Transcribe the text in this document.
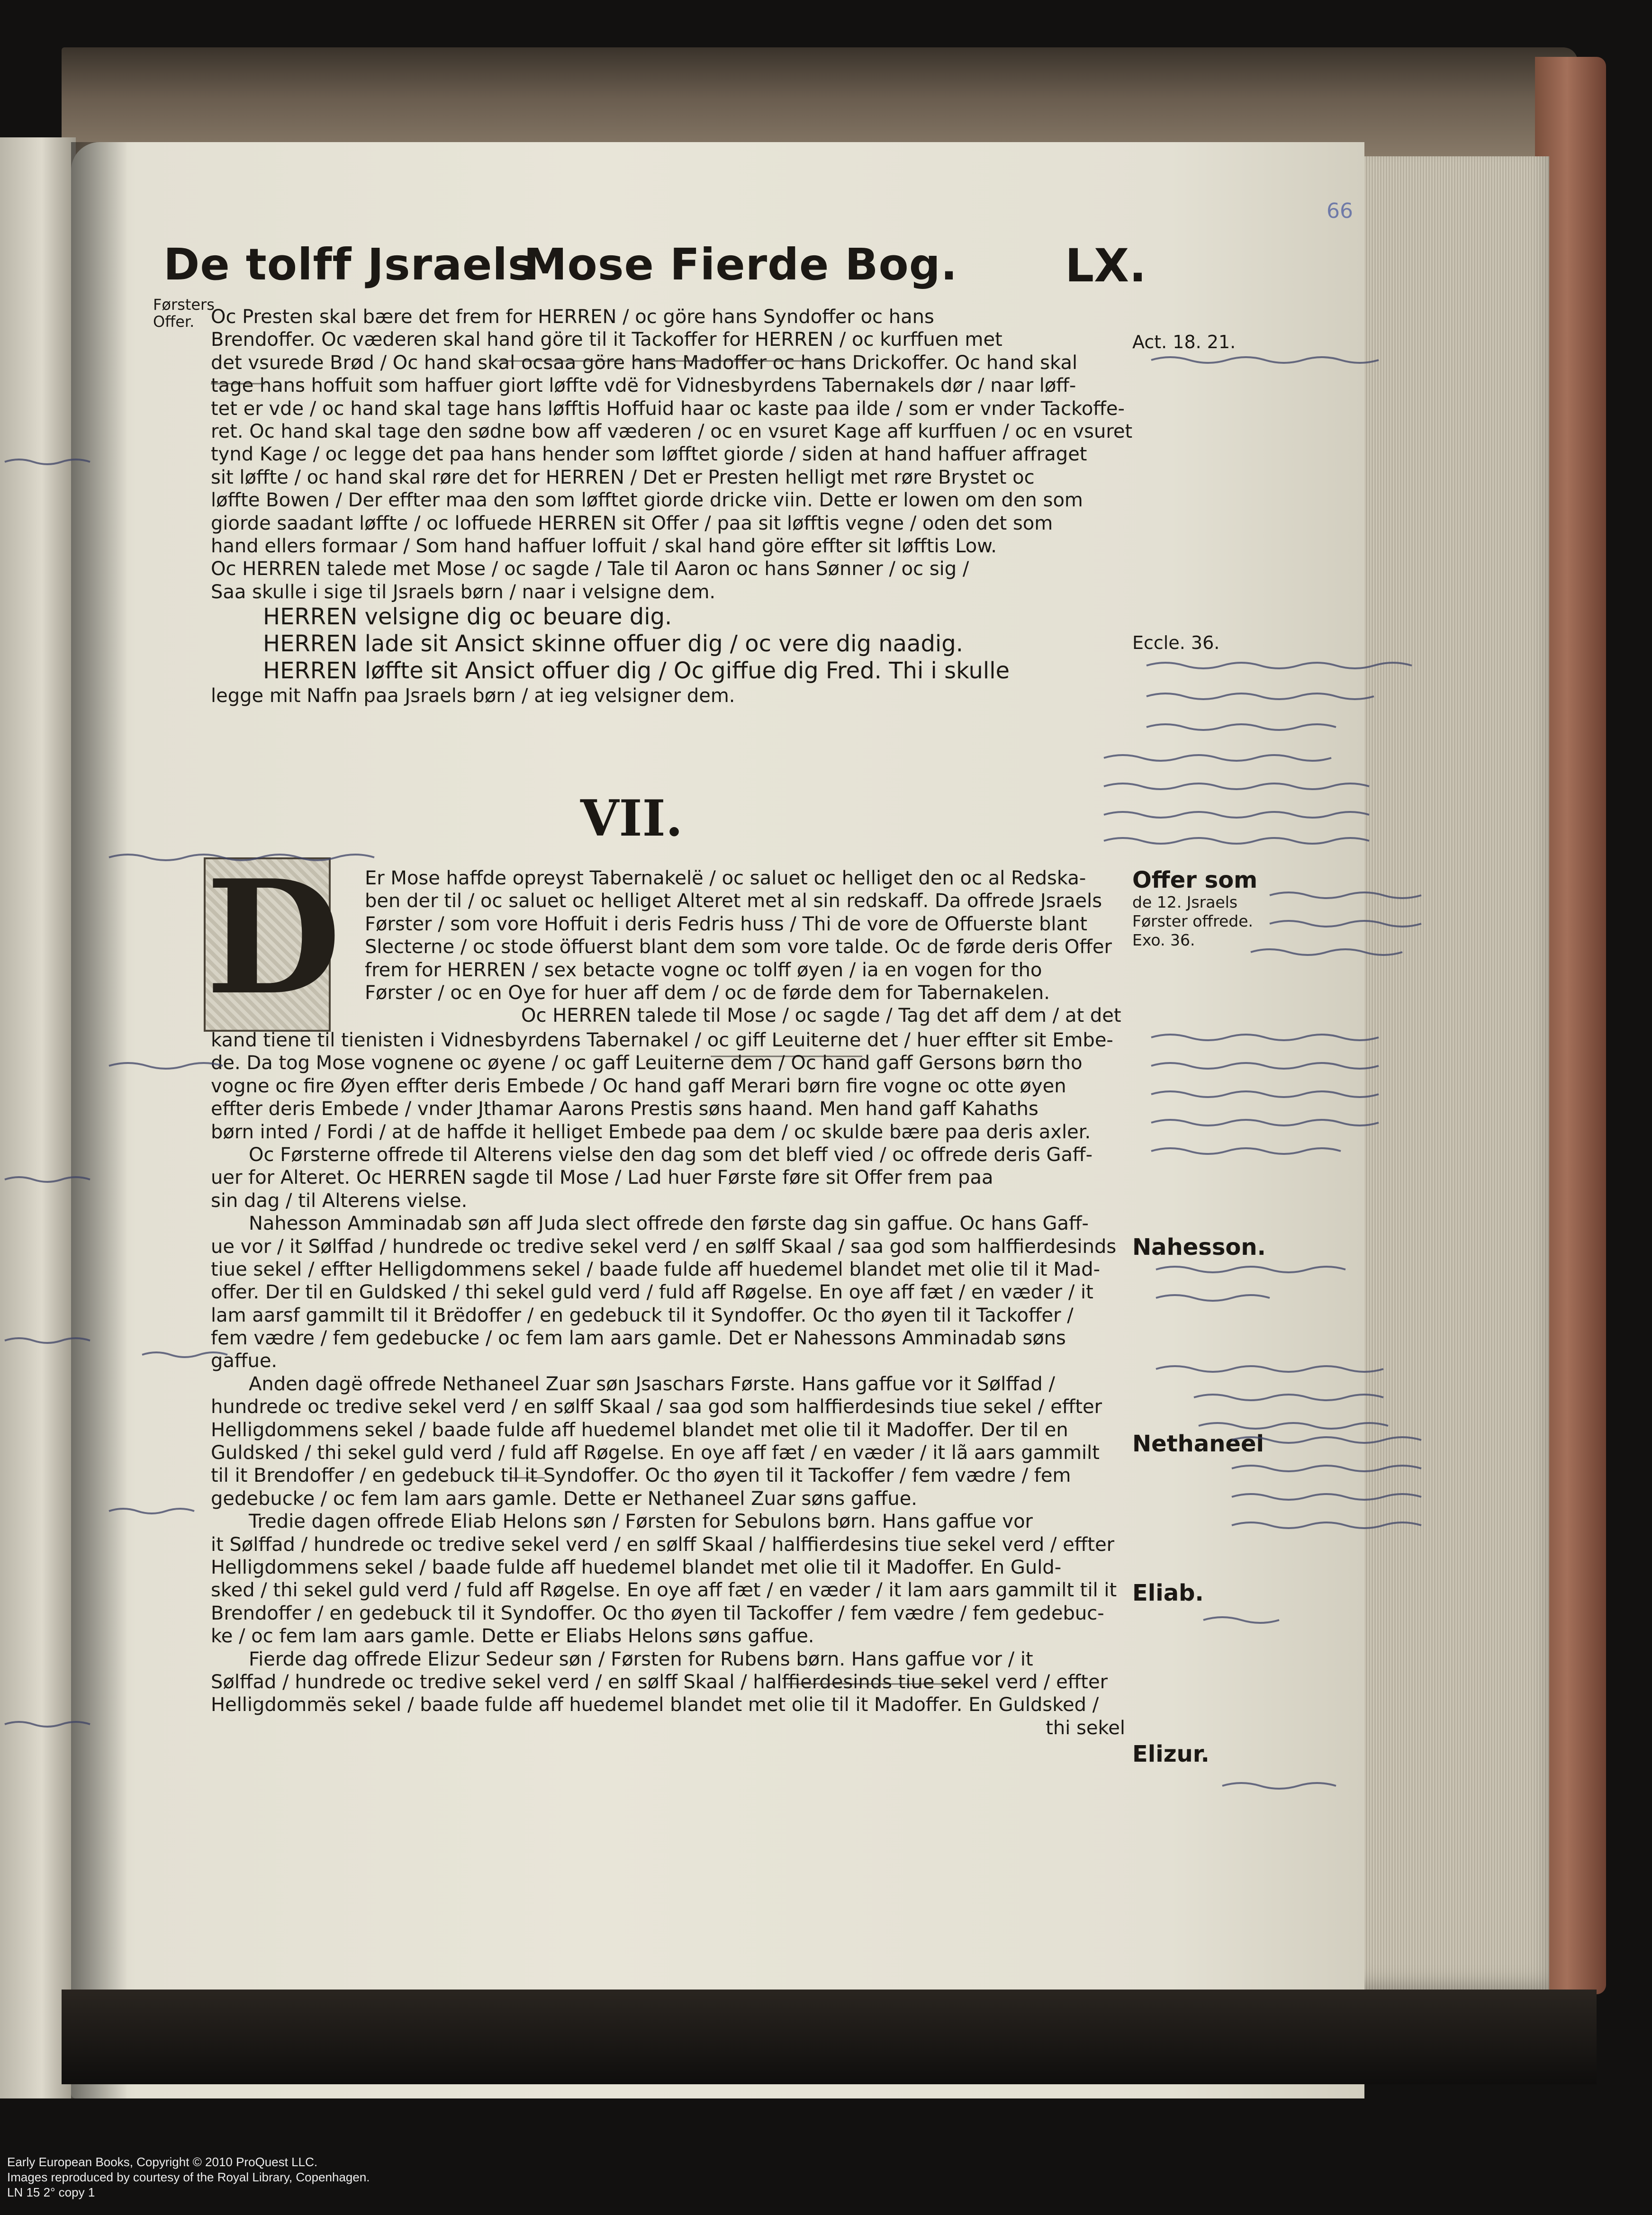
De tolff Jsraels
Mose Fierde Bog. LX.
66
Førsters
Offer.
Act. 18. 21.
Eccle. 36.
Offer som
de 12. Jsraels
Førster offrede.
Exo. 36.
Nahesson.
Nethaneel
Eliab.
Elizur.
Oc Presten skal bære det frem for HERREN / oc göre hans Syndoffer oc hans
Brendoffer. Oc væderen skal hand göre til it Tackoffer for HERREN / oc kurffuen met
det vsurede Brød / Oc hand skal ocsaa göre hans Madoffer oc hans Drickoffer. Oc hand skal
tage hans hoffuit som haffuer giort løffte vdë for Vidnesbyrdens Tabernakels dør / naar løff-
tet er vde / oc hand skal tage hans løfftis Hoffuid haar oc kaste paa ilde / som er vnder Tackoffe-
ret. Oc hand skal tage den sødne bow aff væderen / oc en vsuret Kage aff kurffuen / oc en vsuret
tynd Kage / oc legge det paa hans hender som løfftet giorde / siden at hand haffuer affraget
sit løffte / oc hand skal røre det for HERREN / Det er Presten helligt met røre Brystet oc
løffte Bowen / Der effter maa den som løfftet giorde dricke viin. Dette er lowen om den som
giorde saadant løffte / oc loffuede HERREN sit Offer / paa sit løfftis vegne / oden det som
hand ellers formaar / Som hand haffuer loffuit / skal hand göre effter sit løfftis Low.
Oc HERREN talede met Mose / oc sagde / Tale til Aaron oc hans Sønner / oc sig /
Saa skulle i sige til Jsraels børn / naar i velsigne dem.
HERREN velsigne dig oc beuare dig.
HERREN lade sit Ansict skinne offuer dig / oc vere dig naadig.
HERREN løffte sit Ansict offuer dig / Oc giffue dig Fred. Thi i skulle
legge mit Naffn paa Jsraels børn / at ieg velsigner dem.
VII.
D Er Mose haffde opreyst Tabernakelë / oc saluet oc helliget den oc al Redska-
ben der til / oc saluet oc helliget Alteret met al sin redskaff. Da offrede Jsraels
Førster / som vore Hoffuit i deris Fedris huss / Thi de vore de Offuerste blant
Slecterne / oc stode öffuerst blant dem som vore talde. Oc de førde deris Offer
frem for HERREN / sex betacte vogne oc tolff øyen / ia en vogen for tho
Førster / oc en Oye for huer aff dem / oc de førde dem for Tabernakelen.
Oc HERREN talede til Mose / oc sagde / Tag det aff dem / at det
kand tiene til tienisten i Vidnesbyrdens Tabernakel / oc giff Leuiterne det / huer effter sit Embe-
de. Da tog Mose vognene oc øyene / oc gaff Leuiterne dem / Oc hand gaff Gersons børn tho
vogne oc fire Øyen effter deris Embede / Oc hand gaff Merari børn fire vogne oc otte øyen
effter deris Embede / vnder Jthamar Aarons Prestis søns haand. Men hand gaff Kahaths
børn inted / Fordi / at de haffde it helliget Embede paa dem / oc skulde bære paa deris axler.
Oc Førsterne offrede til Alterens vielse den dag som det bleff vied / oc offrede deris Gaff-
uer for Alteret. Oc HERREN sagde til Mose / Lad huer Første føre sit Offer frem paa
sin dag / til Alterens vielse.
Nahesson Amminadab søn aff Juda slect offrede den første dag sin gaffue. Oc hans Gaff-
ue vor / it Sølffad / hundrede oc tredive sekel verd / en sølff Skaal / saa god som halffierdesinds
tiue sekel / effter Helligdommens sekel / baade fulde aff huedemel blandet met olie til it Mad-
offer. Der til en Guldsked / thi sekel guld verd / fuld aff Røgelse. En oye aff fæt / en væder / it
lam aarsf gammilt til it Brëdoffer / en gedebuck til it Syndoffer. Oc tho øyen til it Tackoffer /
fem vædre / fem gedebucke / oc fem lam aars gamle. Det er Nahessons Amminadab søns
gaffue.
Anden dagë offrede Nethaneel Zuar søn Jsaschars Første. Hans gaffue vor it Sølffad /
hundrede oc tredive sekel verd / en sølff Skaal / saa god som halffierdesinds tiue sekel / effter
Helligdommens sekel / baade fulde aff huedemel blandet met olie til it Madoffer. Der til en
Guldsked / thi sekel guld verd / fuld aff Røgelse. En oye aff fæt / en væder / it lã aars gammilt
til it Brendoffer / en gedebuck til it Syndoffer. Oc tho øyen til it Tackoffer / fem vædre / fem
gedebucke / oc fem lam aars gamle. Dette er Nethaneel Zuar søns gaffue.
Tredie dagen offrede Eliab Helons søn / Førsten for Sebulons børn. Hans gaffue vor
it Sølffad / hundrede oc tredive sekel verd / en sølff Skaal / halffierdesins tiue sekel verd / effter
Helligdommens sekel / baade fulde aff huedemel blandet met olie til it Madoffer. En Guld-
sked / thi sekel guld verd / fuld aff Røgelse. En oye aff fæt / en væder / it lam aars gammilt til it
Brendoffer / en gedebuck til it Syndoffer. Oc tho øyen til Tackoffer / fem vædre / fem gedebuc-
ke / oc fem lam aars gamle. Dette er Eliabs Helons søns gaffue.
Fierde dag offrede Elizur Sedeur søn / Førsten for Rubens børn. Hans gaffue vor / it
Sølffad / hundrede oc tredive sekel verd / en sølff Skaal / halffierdesinds tiue sekel verd / effter
Helligdommës sekel / baade fulde aff huedemel blandet met olie til it Madoffer. En Guldsked /
thi sekel
Early European Books, Copyright © 2010 ProQuest LLC.
Images reproduced by courtesy of the Royal Library, Copenhagen.
LN 15 2° copy 1
